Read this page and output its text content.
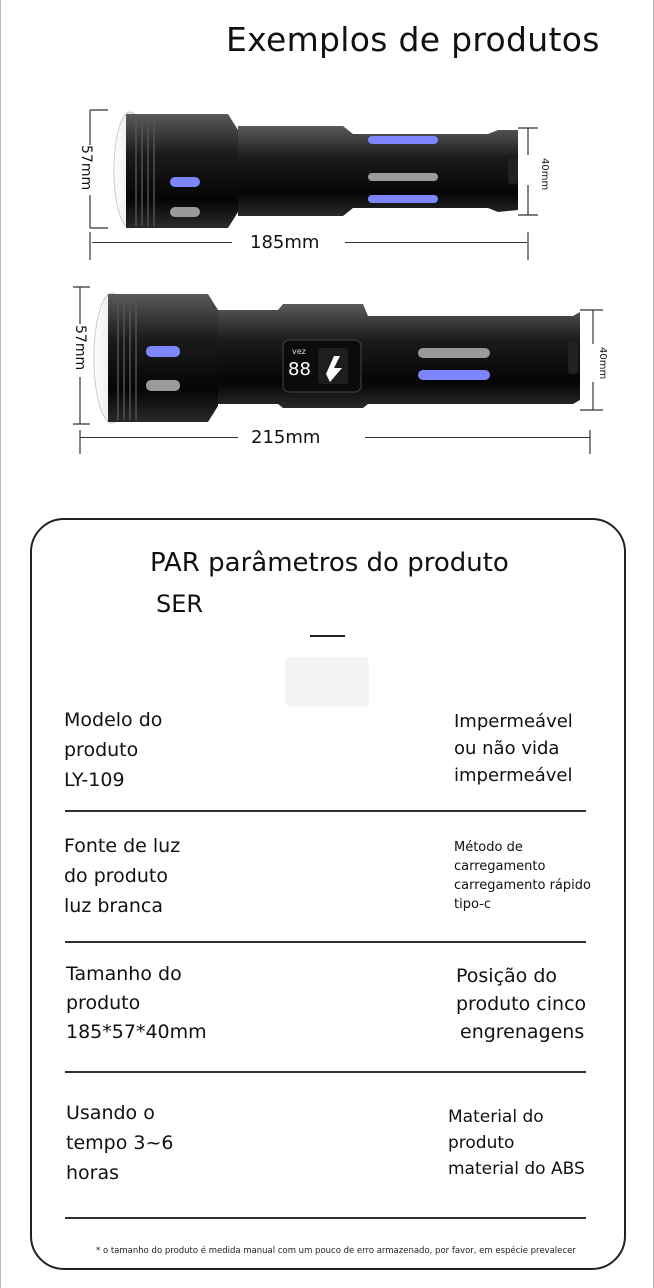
Exemplos de produtos
185mm
57mm	40mm
vez
88
215mm
57mm	40mm

PAR parâmetros do produto
SER
Modelo do
produto
LY-109
Impermeável
ou não vida
impermeável
Fonte de luz
do produto
luz branca
Método de
carregamento
carregamento rápido
tipo-c
Tamanho do
produto
185*57*40mm
Posição do
produto cinco
engrenagens
Usando o
tempo 3~6
horas
Material do
produto
material do ABS
* o tamanho do produto é medida manual com um pouco de erro armazenado, por favor, em espécie prevalecer
